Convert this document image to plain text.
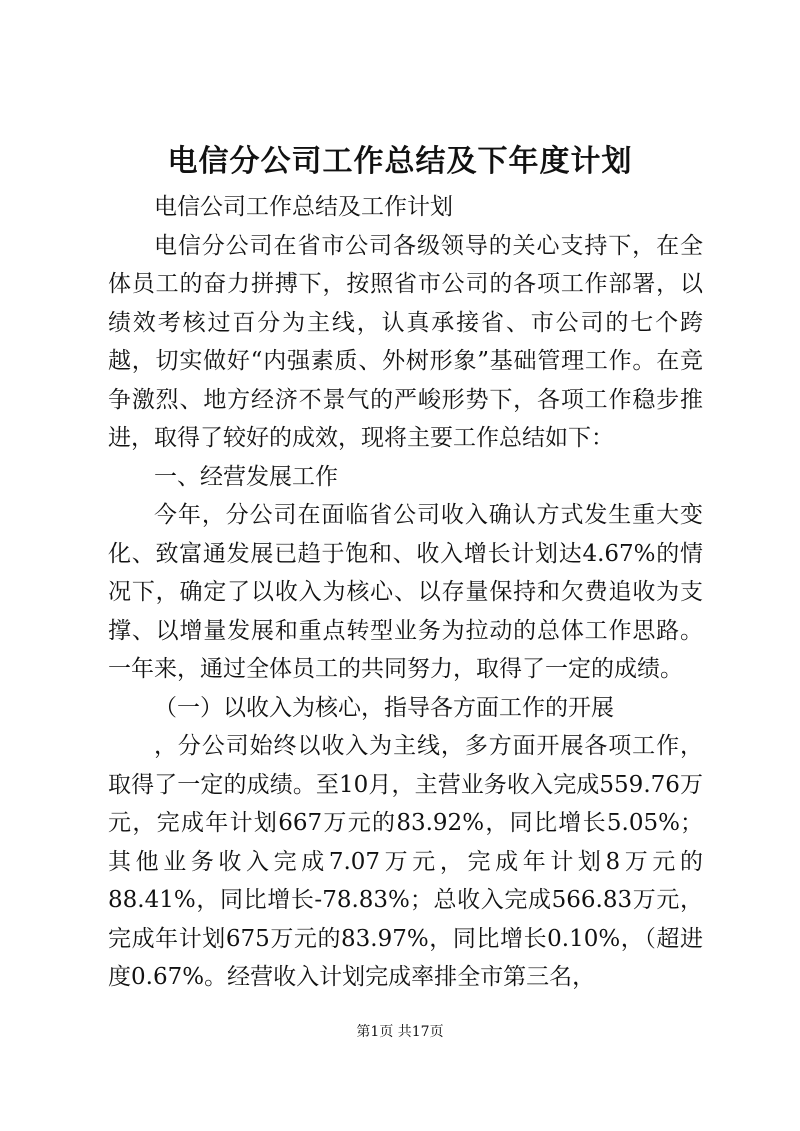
电信分公司工作总结及下年度计划

电信公司工作总结及工作计划

电信分公司在省市公司各级领导的关心支持下，在全体员工的奋力拼搏下，按照省市公司的各项工作部署，以绩效考核过百分为主线，认真承接省、市公司的七个跨越，切实做好“内强素质、外树形象”基础管理工作。在竞争激烈、地方经济不景气的严峻形势下，各项工作稳步推进，取得了较好的成效，现将主要工作总结如下：

一、经营发展工作

今年，分公司在面临省公司收入确认方式发生重大变化、致富通发展已趋于饱和、收入增长计划达4.67%的情况下，确定了以收入为核心、以存量保持和欠费追收为支撑、以增量发展和重点转型业务为拉动的总体工作思路。一年来，通过全体员工的共同努力，取得了一定的成绩。

（一）以收入为核心，指导各方面工作的开展

，分公司始终以收入为主线，多方面开展各项工作，取得了一定的成绩。至10月，主营业务收入完成559.76万元，完成年计划667万元的83.92%，同比增长5.05%；其他业务收入完成7.07万元，完成年计划8万元的88.41%，同比增长-78.83%；总收入完成566.83万元，完成年计划675万元的83.97%，同比增长0.10%，（超进度0.67%。经营收入计划完成率排全市第三名，

第1页 共17页
